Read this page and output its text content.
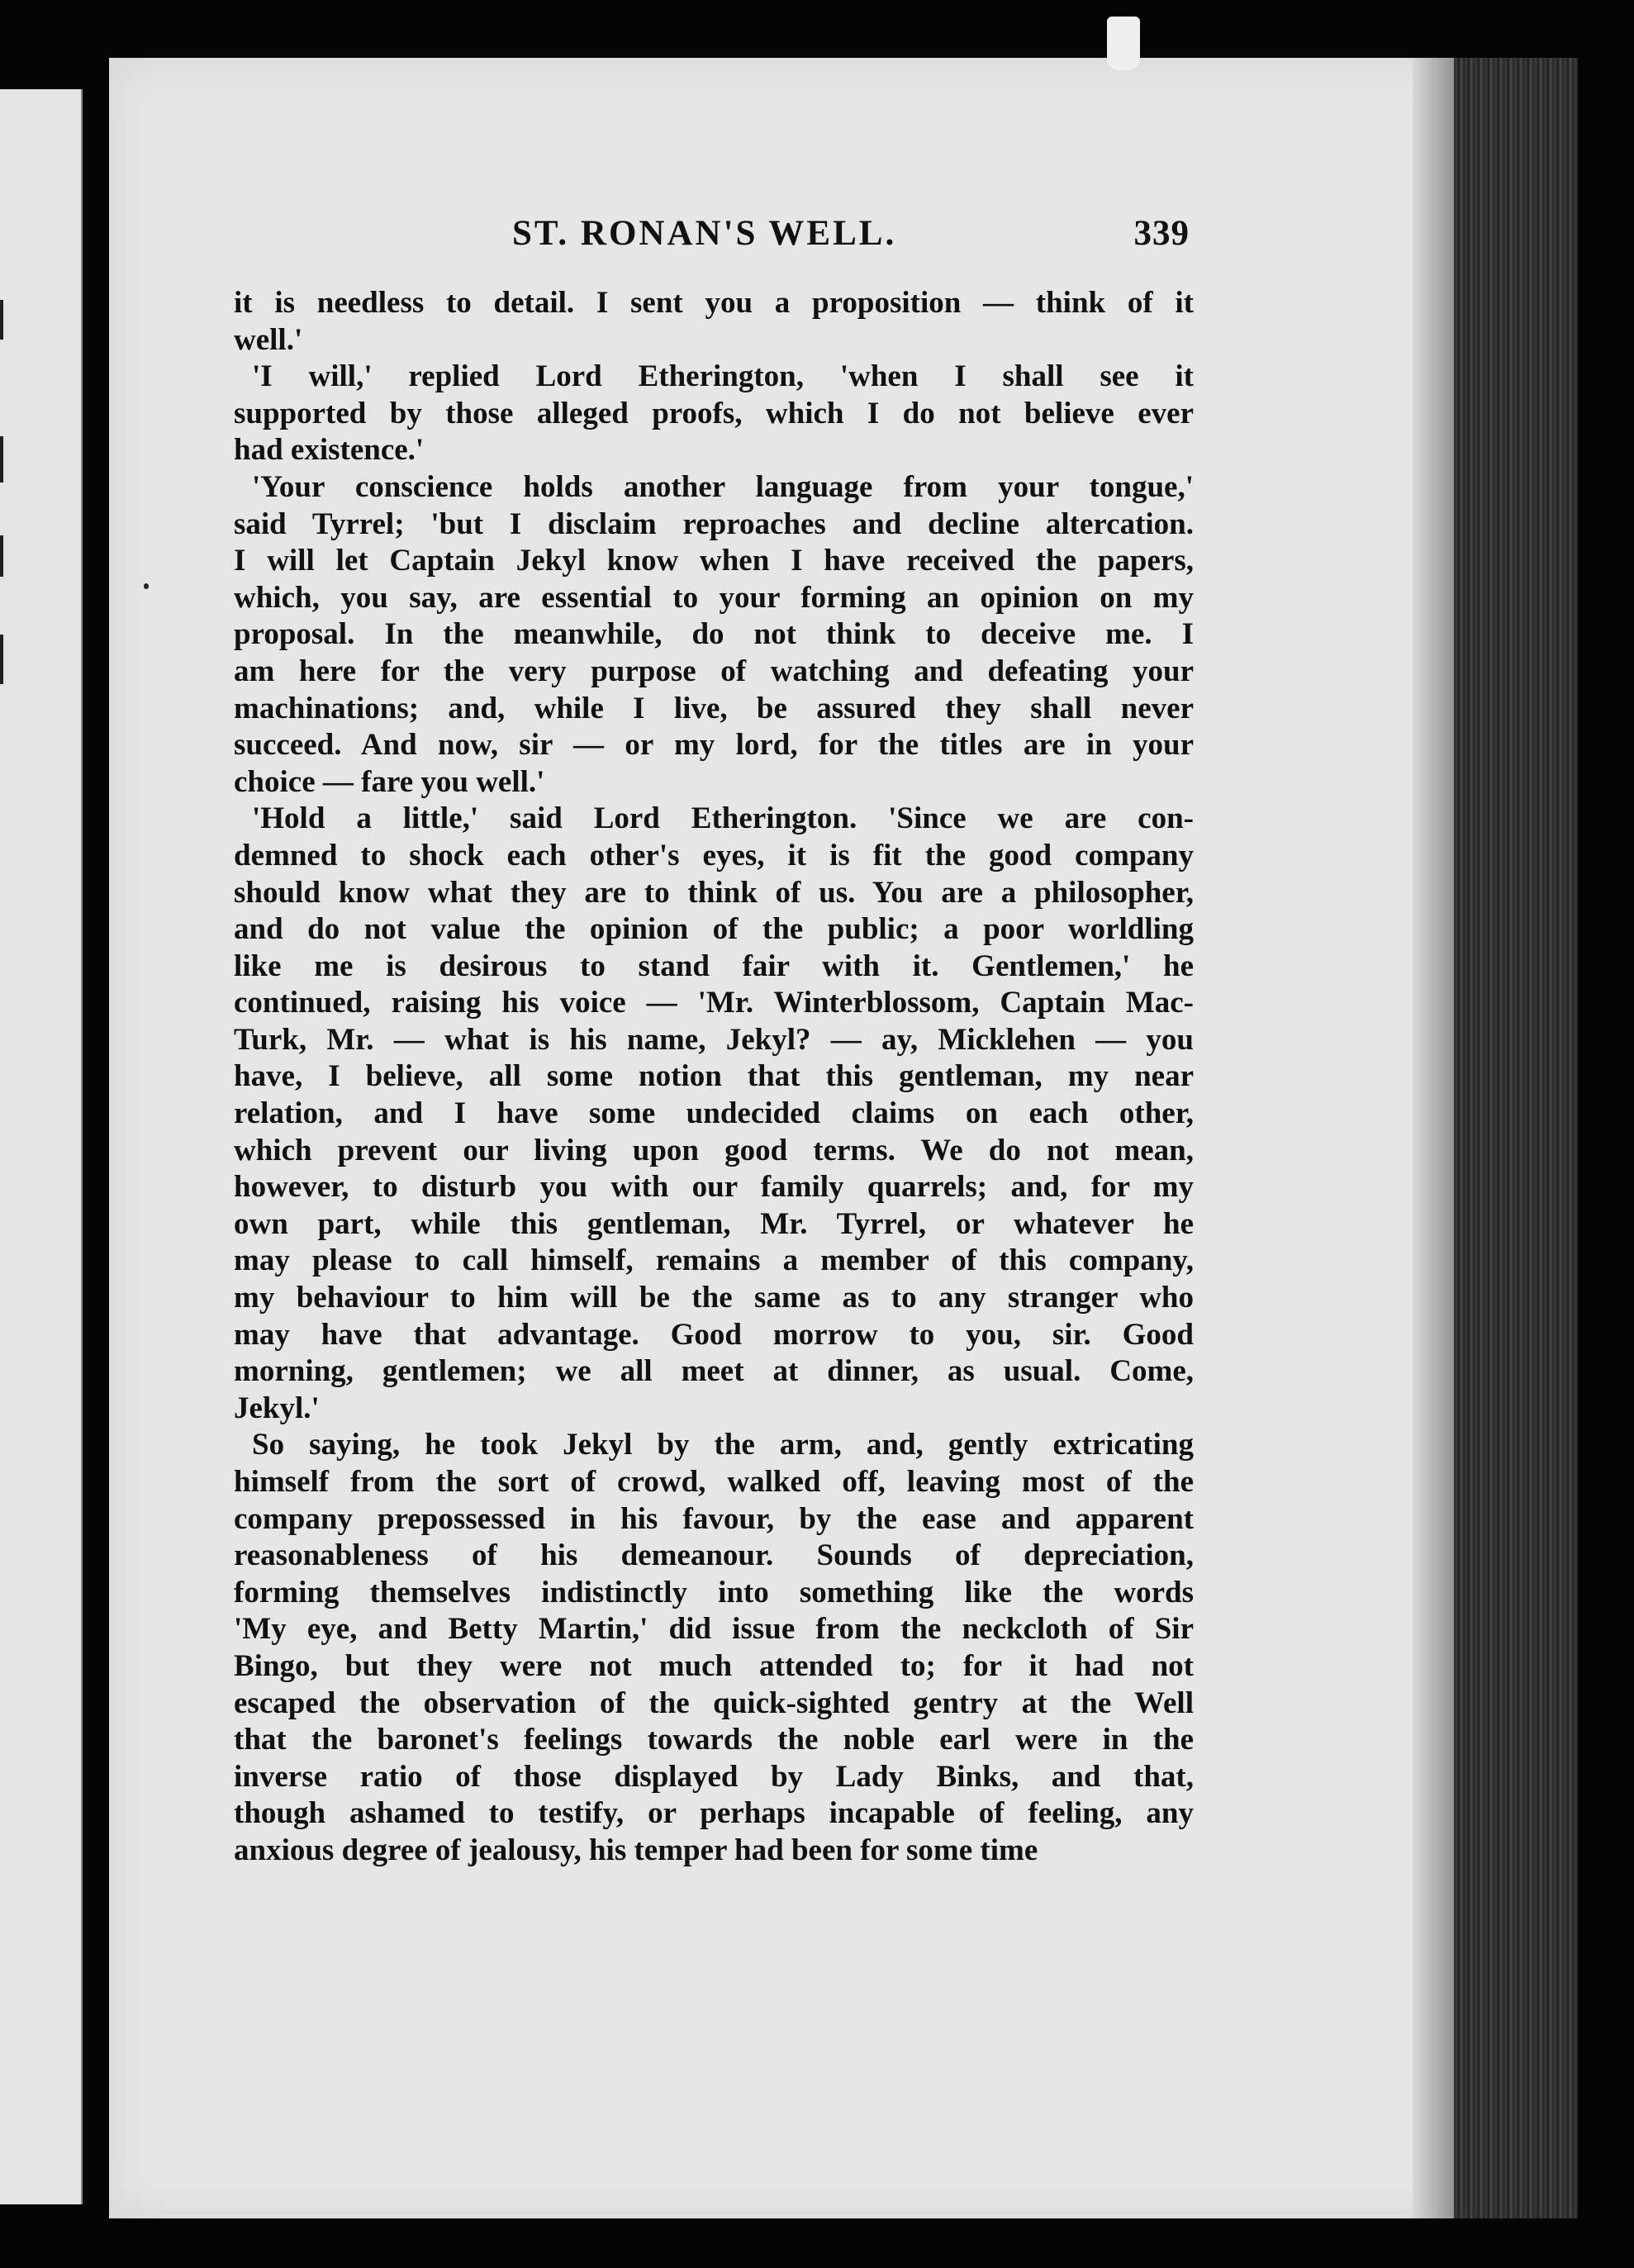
ST. RONAN'S WELL.	339
it is needless to detail. I sent you a proposition — think of it
well.'
'I will,' replied Lord Etherington, 'when I shall see it
supported by those alleged proofs, which I do not believe ever
had existence.'
'Your conscience holds another language from your tongue,'
said Tyrrel; 'but I disclaim reproaches and decline altercation.
I will let Captain Jekyl know when I have received the papers,
which, you say, are essential to your forming an opinion on my
proposal. In the meanwhile, do not think to deceive me. I
am here for the very purpose of watching and defeating your
machinations; and, while I live, be assured they shall never
succeed. And now, sir — or my lord, for the titles are in your
choice — fare you well.'
'Hold a little,' said Lord Etherington. 'Since we are con-
demned to shock each other's eyes, it is fit the good company
should know what they are to think of us. You are a philosopher,
and do not value the opinion of the public; a poor worldling
like me is desirous to stand fair with it. Gentlemen,' he
continued, raising his voice — 'Mr. Winterblossom, Captain Mac-
Turk, Mr. — what is his name, Jekyl? — ay, Micklehen — you
have, I believe, all some notion that this gentleman, my near
relation, and I have some undecided claims on each other,
which prevent our living upon good terms. We do not mean,
however, to disturb you with our family quarrels; and, for my
own part, while this gentleman, Mr. Tyrrel, or whatever he
may please to call himself, remains a member of this company,
my behaviour to him will be the same as to any stranger who
may have that advantage. Good morrow to you, sir. Good
morning, gentlemen; we all meet at dinner, as usual. Come,
Jekyl.'
So saying, he took Jekyl by the arm, and, gently extricating
himself from the sort of crowd, walked off, leaving most of the
company prepossessed in his favour, by the ease and apparent
reasonableness of his demeanour. Sounds of depreciation,
forming themselves indistinctly into something like the words
'My eye, and Betty Martin,' did issue from the neckcloth of Sir
Bingo, but they were not much attended to; for it had not
escaped the observation of the quick-sighted gentry at the Well
that the baronet's feelings towards the noble earl were in the
inverse ratio of those displayed by Lady Binks, and that,
though ashamed to testify, or perhaps incapable of feeling, any
anxious degree of jealousy, his temper had been for some time
